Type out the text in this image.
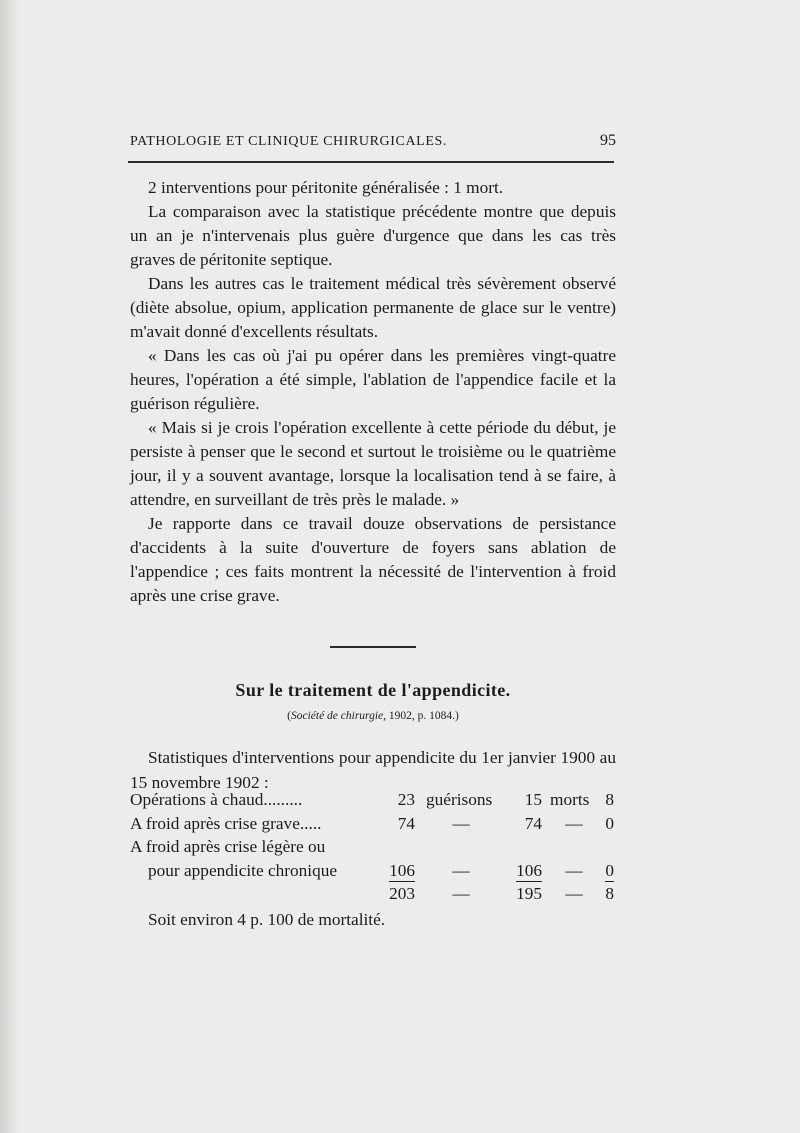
PATHOLOGIE ET CLINIQUE CHIRURGICALES.	95

2 interventions pour péritonite généralisée : 1 mort.

La comparaison avec la statistique précédente montre que depuis un an je n'intervenais plus guère d'urgence que dans les cas très graves de péritonite septique.

Dans les autres cas le traitement médical très sévèrement observé (diète absolue, opium, application permanente de glace sur le ventre) m'avait donné d'excellents résultats.

« Dans les cas où j'ai pu opérer dans les premières vingt-quatre heures, l'opération a été simple, l'ablation de l'appendice facile et la guérison régulière.

« Mais si je crois l'opération excellente à cette période du début, je persiste à penser que le second et surtout le troisième ou le quatrième jour, il y a souvent avantage, lorsque la localisation tend à se faire, à attendre, en surveillant de très près le malade. »

Je rapporte dans ce travail douze observations de persistance d'accidents à la suite d'ouverture de foyers sans ablation de l'appendice ; ces faits montrent la nécessité de l'intervention à froid après une crise grave.

Sur le traitement de l'appendicite.
(Société de chirurgie, 1902, p. 1084.)

Statistiques d'interventions pour appendicite du 1er janvier 1900 au 15 novembre 1902 :

Opérations à chaud.........	23 guérisons	15 morts 8
A froid après crise grave.....	74	—	74	—	0
A froid après crise légère ou
pour appendicite chronique	106	—	106	—	0
203	—	195	—	8
Soit environ 4 p. 100 de mortalité.
